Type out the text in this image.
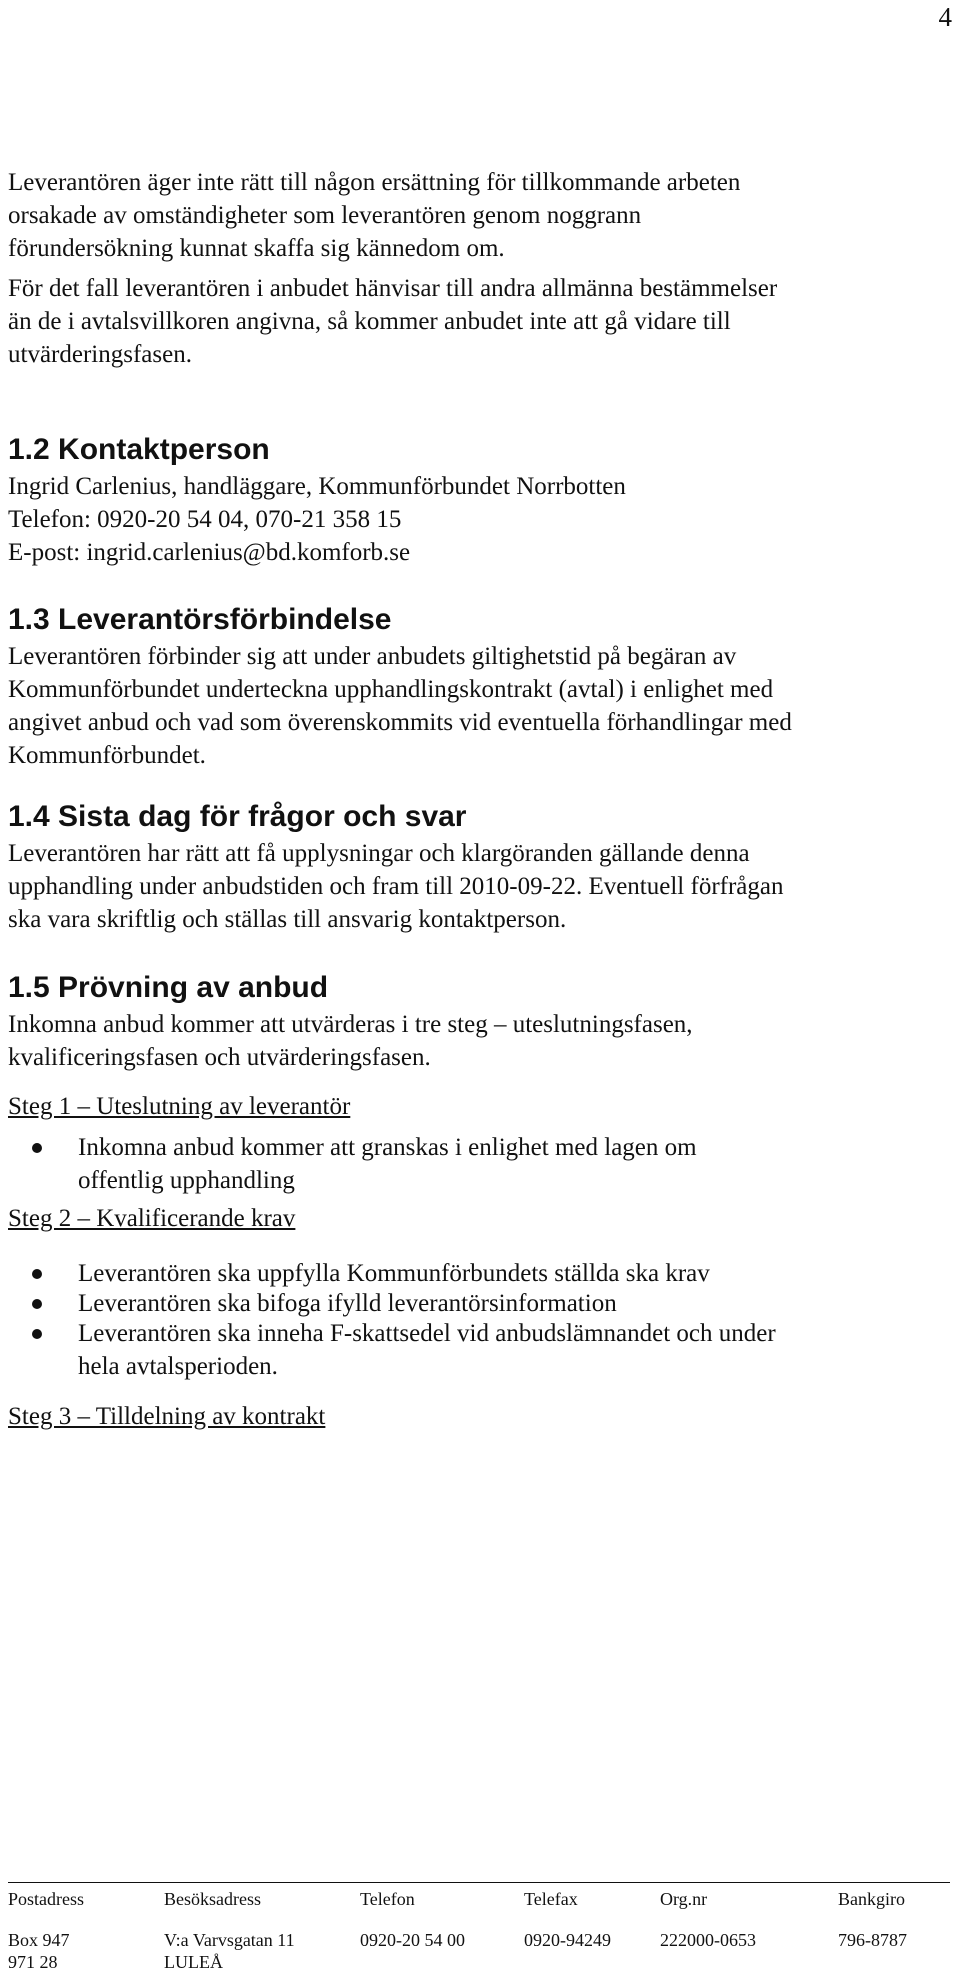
4

Leverantören äger inte rätt till någon ersättning för tillkommande arbeten
orsakade av omständigheter som leverantören genom noggrann
förundersökning kunnat skaffa sig kännedom om.

För det fall leverantören i anbudet hänvisar till andra allmänna bestämmelser
än de i avtalsvillkoren angivna, så kommer anbudet inte att gå vidare till
utvärderingsfasen.

1.2 Kontaktperson

Ingrid Carlenius, handläggare, Kommunförbundet Norrbotten

Telefon: 0920-20 54 04, 070-21 358 15

E-post: ingrid.carlenius@bd.komforb.se

1.3 Leverantörsförbindelse

Leverantören förbinder sig att under anbudets giltighetstid på begäran av
Kommunförbundet underteckna upphandlingskontrakt (avtal) i enlighet med
angivet anbud och vad som överenskommits vid eventuella förhandlingar med
Kommunförbundet.

1.4 Sista dag för frågor och svar

Leverantören har rätt att få upplysningar och klargöranden gällande denna
upphandling under anbudstiden och fram till 2010-09-22. Eventuell förfrågan
ska vara skriftlig och ställas till ansvarig kontaktperson.

1.5 Prövning av anbud

Inkomna anbud kommer att utvärderas i tre steg – uteslutningsfasen,
kvalificeringsfasen och utvärderingsfasen.

Steg 1 – Uteslutning av leverantör

Inkomna anbud kommer att granskas i enlighet med lagen om
offentlig upphandling

Steg 2 – Kvalificerande krav

Leverantören ska uppfylla Kommunförbundets ställda ska krav
Leverantören ska bifoga ifylld leverantörsinformation
Leverantören ska inneha F-skattsedel vid anbudslämnandet och under
hela avtalsperioden.

Steg 3 – Tilldelning av kontrakt

Postadress	Besöksadress	Telefon	Telefax	Org.nr	Bankgiro
Box 947	V:a Varvsgatan 11	0920-20 54 00	0920-94249	222000-0653	796-8787
971 28	LULEÅ				
